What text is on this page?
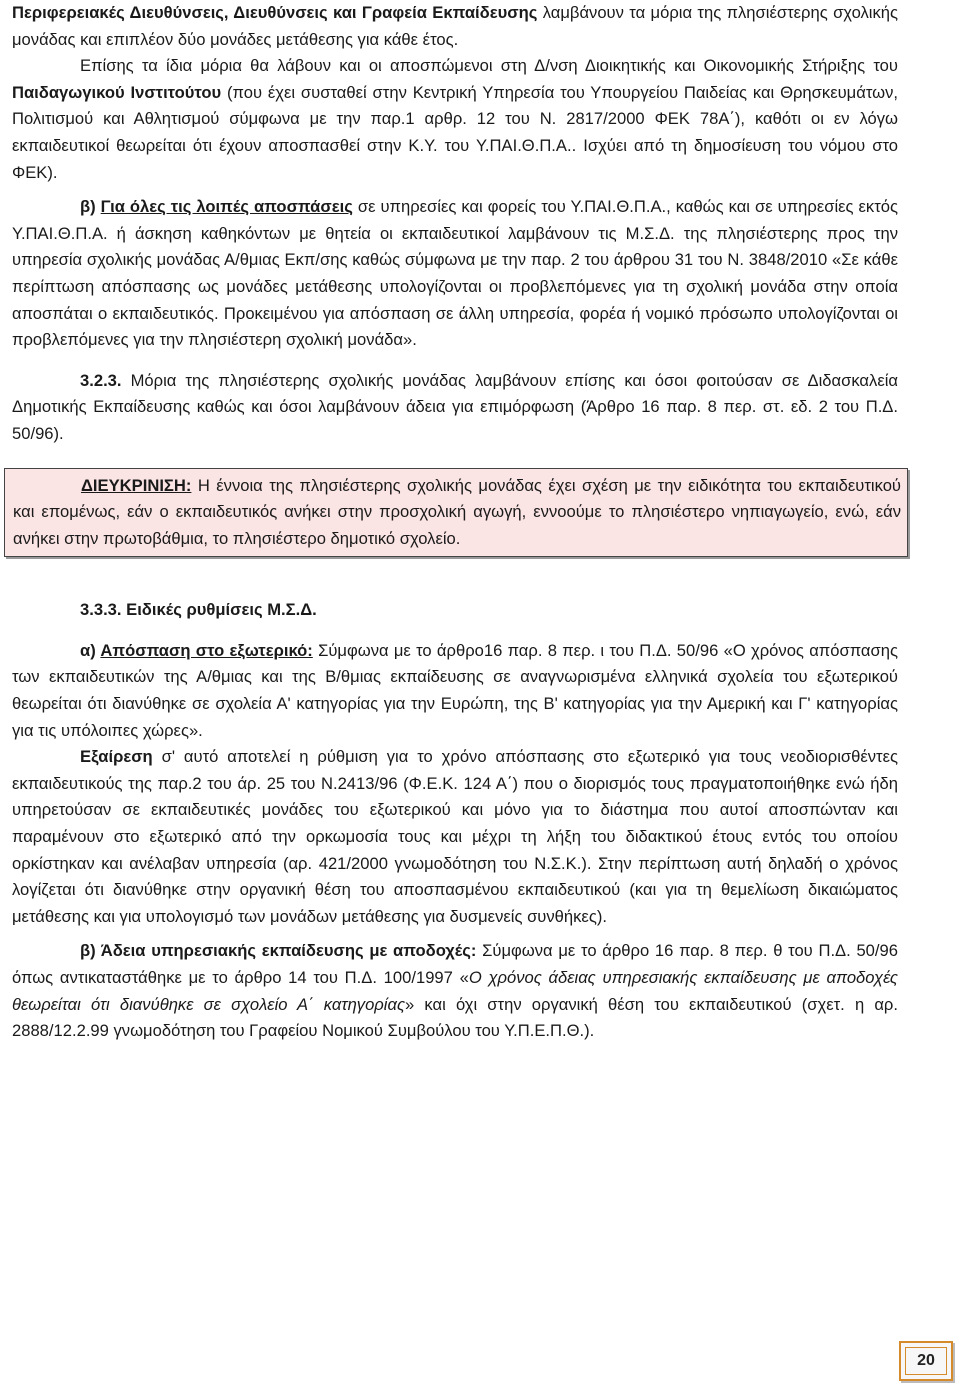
Περιφερειακές Διευθύνσεις, Διευθύνσεις και Γραφεία Εκπαίδευσης λαμβάνουν τα μόρια της πλησιέστερης σχολικής μονάδας και επιπλέον δύο μονάδες μετάθεσης για κάθε έτος.

Επίσης τα ίδια μόρια θα λάβουν και οι αποσπώμενοι στη Δ/νση Διοικητικής και Οικονομικής Στήριξης του Παιδαγωγικού Ινστιτούτου (που έχει συσταθεί στην Κεντρική Υπηρεσία του Υπουργείου Παιδείας και Θρησκευμάτων, Πολιτισμού και Αθλητισμού σύμφωνα με την παρ.1 αρθρ. 12 του Ν. 2817/2000 ΦΕΚ 78Α΄), καθότι οι εν λόγω εκπαιδευτικοί θεωρείται ότι έχουν αποσπασθεί στην Κ.Υ. του Υ.ΠΑΙ.Θ.Π.Α.. Ισχύει από τη δημοσίευση του νόμου στο ΦΕΚ).

β) Για όλες τις λοιπές αποσπάσεις σε υπηρεσίες και φορείς του Υ.ΠΑΙ.Θ.Π.Α., καθώς και σε υπηρεσίες εκτός Υ.ΠΑΙ.Θ.Π.Α. ή άσκηση καθηκόντων με θητεία οι εκπαιδευτικοί λαμβάνουν τις Μ.Σ.Δ. της πλησιέστερης προς την υπηρεσία σχολικής μονάδας Α/θμιας Εκπ/σης καθώς σύμφωνα με την παρ. 2 του άρθρου 31 του Ν. 3848/2010 «Σε κάθε περίπτωση απόσπασης ως μονάδες μετάθεσης υπολογίζονται οι προβλεπόμενες για τη σχολική μονάδα στην οποία αποσπάται ο εκπαιδευτικός. Προκειμένου για απόσπαση σε άλλη υπηρεσία, φορέα ή νομικό πρόσωπο υπολογίζονται οι προβλεπόμενες για την πλησιέστερη σχολική μονάδα».

3.2.3. Μόρια της πλησιέστερης σχολικής μονάδας λαμβάνουν επίσης και όσοι φοιτούσαν σε Διδασκαλεία Δημοτικής Εκπαίδευσης καθώς και όσοι λαμβάνουν άδεια για επιμόρφωση (Άρθρο 16 παρ. 8 περ. στ. εδ. 2 του Π.Δ. 50/96).

ΔΙΕΥΚΡΙΝΙΣΗ: Η έννοια της πλησιέστερης σχολικής μονάδας έχει σχέση με την ειδικότητα του εκπαιδευτικού και επομένως, εάν ο εκπαιδευτικός ανήκει στην προσχολική αγωγή, εννοούμε το πλησιέστερο νηπιαγωγείο, ενώ, εάν ανήκει στην πρωτοβάθμια, το πλησιέστερο δημοτικό σχολείο.

3.3.3. Ειδικές ρυθμίσεις Μ.Σ.Δ.

α) Απόσπαση στο εξωτερικό: Σύμφωνα με το άρθρο16 παρ. 8 περ. ι του Π.Δ. 50/96 «Ο χρόνος απόσπασης των εκπαιδευτικών της Α/θμιας και της Β/θμιας εκπαίδευσης σε αναγνωρισμένα ελληνικά σχολεία του εξωτερικού θεωρείται ότι διανύθηκε σε σχολεία Α' κατηγορίας για την Ευρώπη, της Β' κατηγορίας για την Αμερική και Γ' κατηγορίας για τις υπόλοιπες χώρες».

Εξαίρεση σ' αυτό αποτελεί η ρύθμιση για το χρόνο απόσπασης στο εξωτερικό για τους νεοδιορισθέντες εκπαιδευτικούς της παρ.2 του άρ. 25 του Ν.2413/96 (Φ.Ε.Κ. 124 Α΄) που ο διορισμός τους πραγματοποιήθηκε ενώ ήδη υπηρετούσαν σε εκπαιδευτικές μονάδες του εξωτερικού και μόνο για το διάστημα που αυτοί αποσπώνταν και παραμένουν στο εξωτερικό από την ορκωμοσία τους και μέχρι τη λήξη του διδακτικού έτους εντός του οποίου ορκίστηκαν και ανέλαβαν υπηρεσία (αρ. 421/2000 γνωμοδότηση του Ν.Σ.Κ.). Στην περίπτωση αυτή δηλαδή ο χρόνος λογίζεται ότι διανύθηκε στην οργανική θέση του αποσπασμένου εκπαιδευτικού (και για τη θεμελίωση δικαιώματος μετάθεσης και για υπολογισμό των μονάδων μετάθεσης για δυσμενείς συνθήκες).

β) Άδεια υπηρεσιακής εκπαίδευσης με αποδοχές: Σύμφωνα με το άρθρο 16 παρ. 8 περ. θ του Π.Δ. 50/96 όπως αντικαταστάθηκε με το άρθρο 14 του Π.Δ. 100/1997 «Ο χρόνος άδειας υπηρεσιακής εκπαίδευσης με αποδοχές θεωρείται ότι διανύθηκε σε σχολείο Α΄ κατηγορίας» και όχι στην οργανική θέση του εκπαιδευτικού (σχετ. η αρ. 2888/12.2.99 γνωμοδότηση του Γραφείου Νομικού Συμβούλου του Υ.Π.Ε.Π.Θ.).

20
